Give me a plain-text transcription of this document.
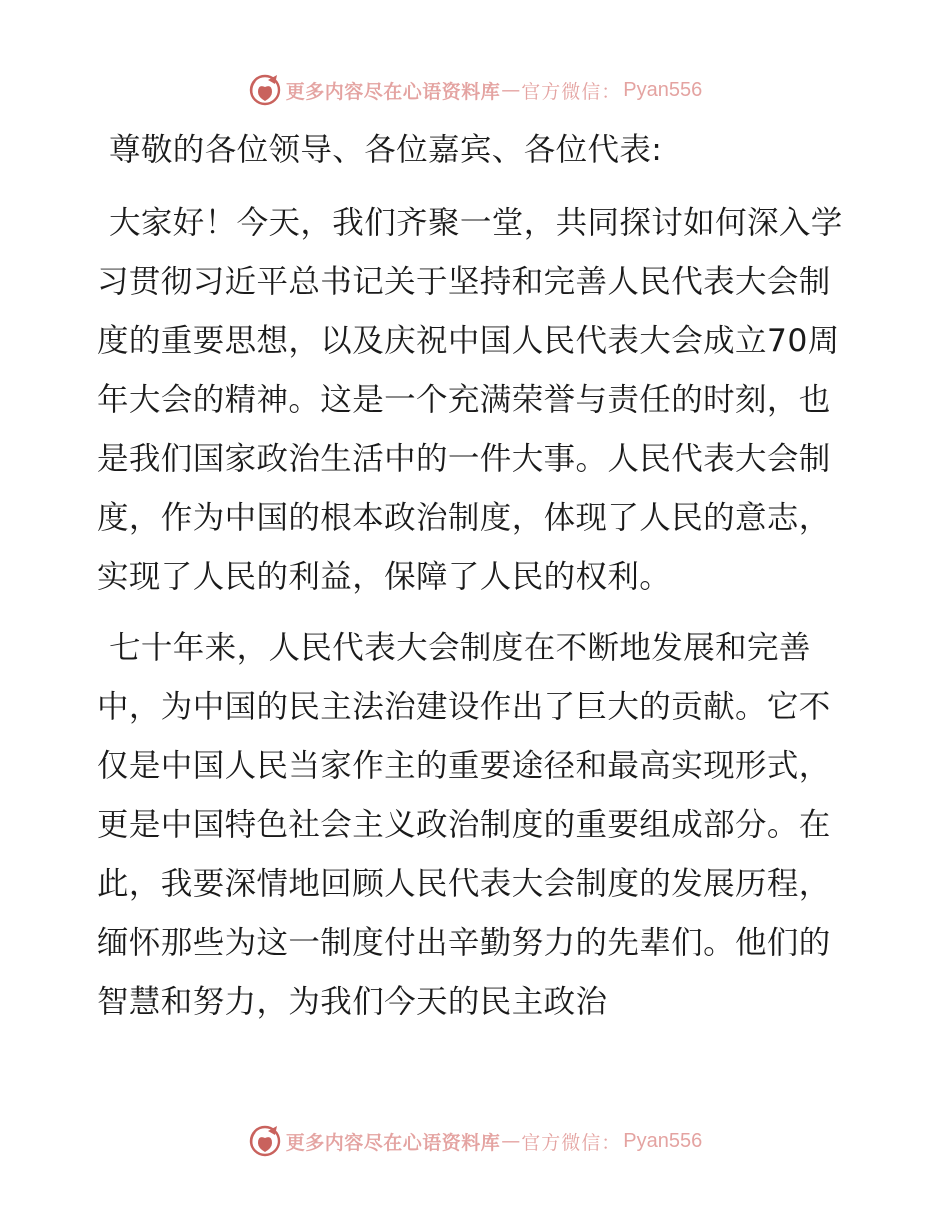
更多内容尽在心语资料库 — 官方微信： Pyan556
尊敬的各位领导、各位嘉宾、各位代表:

大家好！今天，我们齐聚一堂，共同探讨如何深入学习贯彻习近平总书记关于坚持和完善人民代表大会制度的重要思想，以及庆祝中国人民代表大会成立70周年大会的精神。这是一个充满荣誉与责任的时刻，也是我们国家政治生活中的一件大事。人民代表大会制度，作为中国的根本政治制度，体现了人民的意志，实现了人民的利益，保障了人民的权利。

七十年来，人民代表大会制度在不断地发展和完善中，为中国的民主法治建设作出了巨大的贡献。它不仅是中国人民当家作主的重要途径和最高实现形式，更是中国特色社会主义政治制度的重要组成部分。在此，我要深情地回顾人民代表大会制度的发展历程，缅怀那些为这一制度付出辛勤努力的先辈们。他们的智慧和努力，为我们今天的民主政治

更多内容尽在心语资料库 — 官方微信： Pyan556
